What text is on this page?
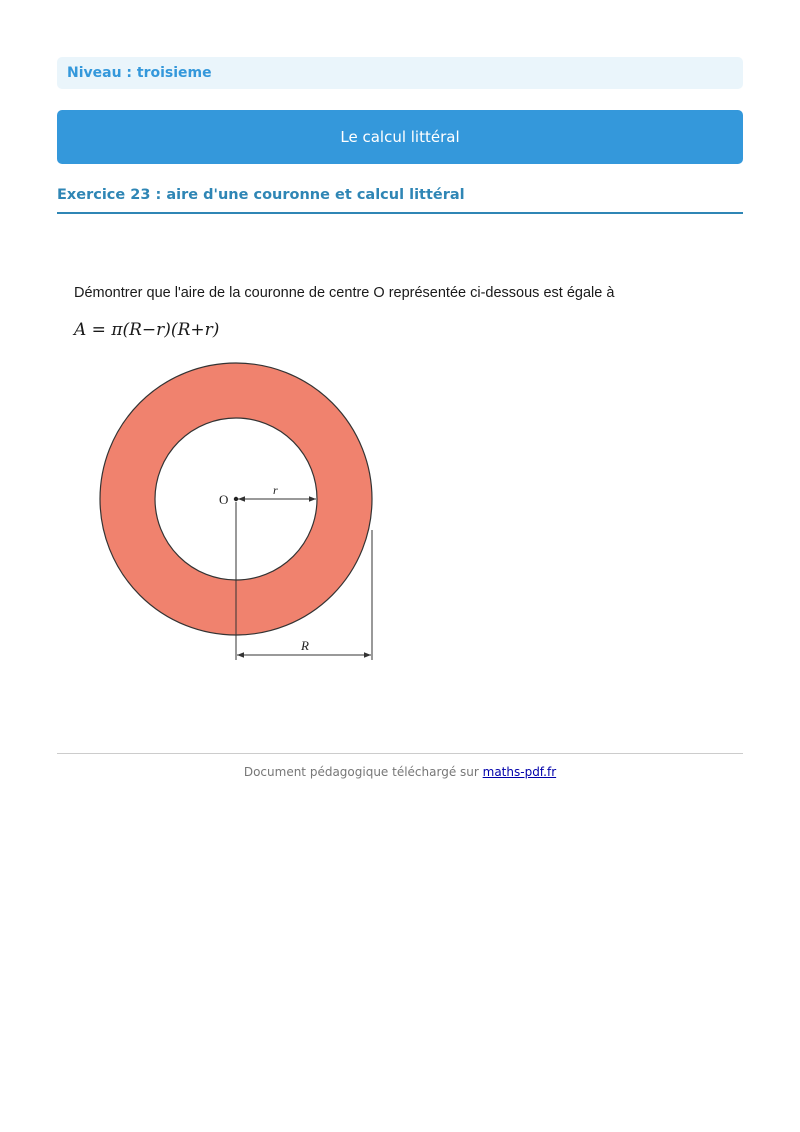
Niveau : troisieme
Le calcul littéral
Exercice 23 : aire d'une couronne et calcul littéral
Démontrer que l'aire de la couronne de centre O représentée ci-dessous est égale à
A = π(R−r)(R+r)
O
r
R
Document pédagogique téléchargé sur maths-pdf.fr
